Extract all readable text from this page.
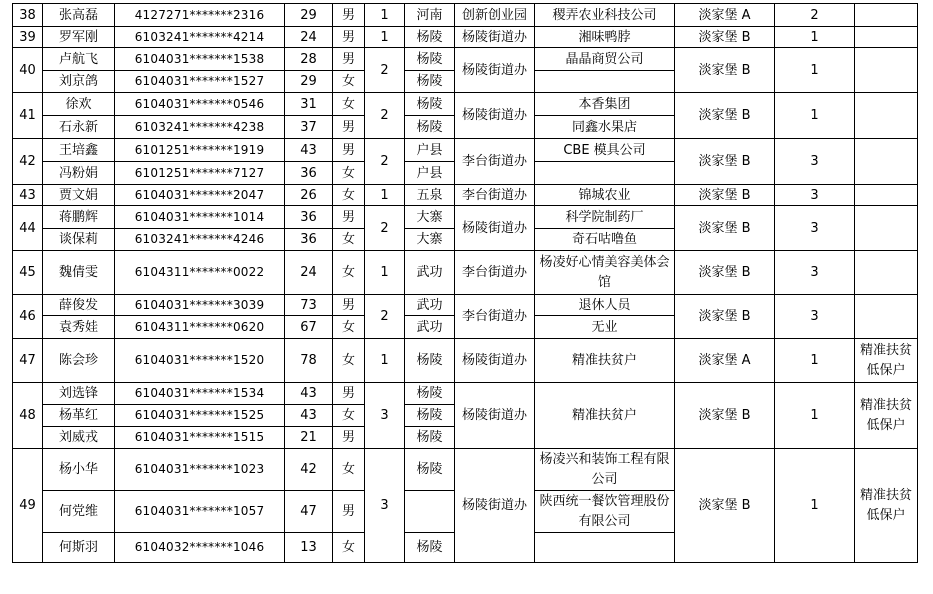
38	张高磊	4127271*******2316	29	男	1	河南	创新创业园	稷弄农业科技公司	淡家堡 A	2	
39	罗军刚	6103241*******4214	24	男	1	杨陵	杨陵街道办	湘味鸭脖	淡家堡 B	1	
40	卢航飞	6104031*******1538	28	男	2	杨陵	杨陵街道办	晶晶商贸公司	淡家堡 B	1	
	刘京鸽	6104031*******1527	29	女		杨陵					
41	徐欢	6104031*******0546	31	女	2	杨陵	杨陵街道办	本香集团	淡家堡 B	1	
	石永新	6103241*******4238	37	男		杨陵		同鑫水果店			
42	王培鑫	6101251*******1919	43	男	2	户县	李台街道办	CBE 模具公司	淡家堡 B	3	
	冯粉娟	6101251*******7127	36	女		户县					
43	贾文娟	6104031*******2047	26	女	1	五泉	李台街道办	锦城农业	淡家堡 B	3	
44	蒋鹏辉	6104031*******1014	36	男	2	大寨	杨陵街道办	科学院制药厂	淡家堡 B	3	
	谈保莉	6103241*******4246	36	女		大寨		奇石咕噜鱼			
45	魏倩雯	6104311*******0022	24	女	1	武功	李台街道办	杨凌好心情美容美体会馆	淡家堡 B	3	
46	薛俊发	6104031*******3039	73	男	2	武功	李台街道办	退休人员	淡家堡 B	3	
	袁秀娃	6104311*******0620	67	女		武功		无业			
47	陈会珍	6104031*******1520	78	女	1	杨陵	杨陵街道办	精准扶贫户	淡家堡 A	1	精准扶贫低保户
48	刘选锋	6104031*******1534	43	男	3	杨陵	杨陵街道办	精准扶贫户	淡家堡 B	1	精准扶贫低保户
	杨革红	6104031*******1525	43	女		杨陵					
	刘威戎	6104031*******1515	21	男		杨陵					
49	杨小华	6104031*******1023	42	女	3	杨陵	杨陵街道办	杨凌兴和装饰工程有限公司	淡家堡 B	1	精准扶贫低保户
	何党维	6104031*******1057	47	男				陕西统一餐饮管理股份有限公司			
	何斯羽	6104032*******1046	13	女		杨陵					
